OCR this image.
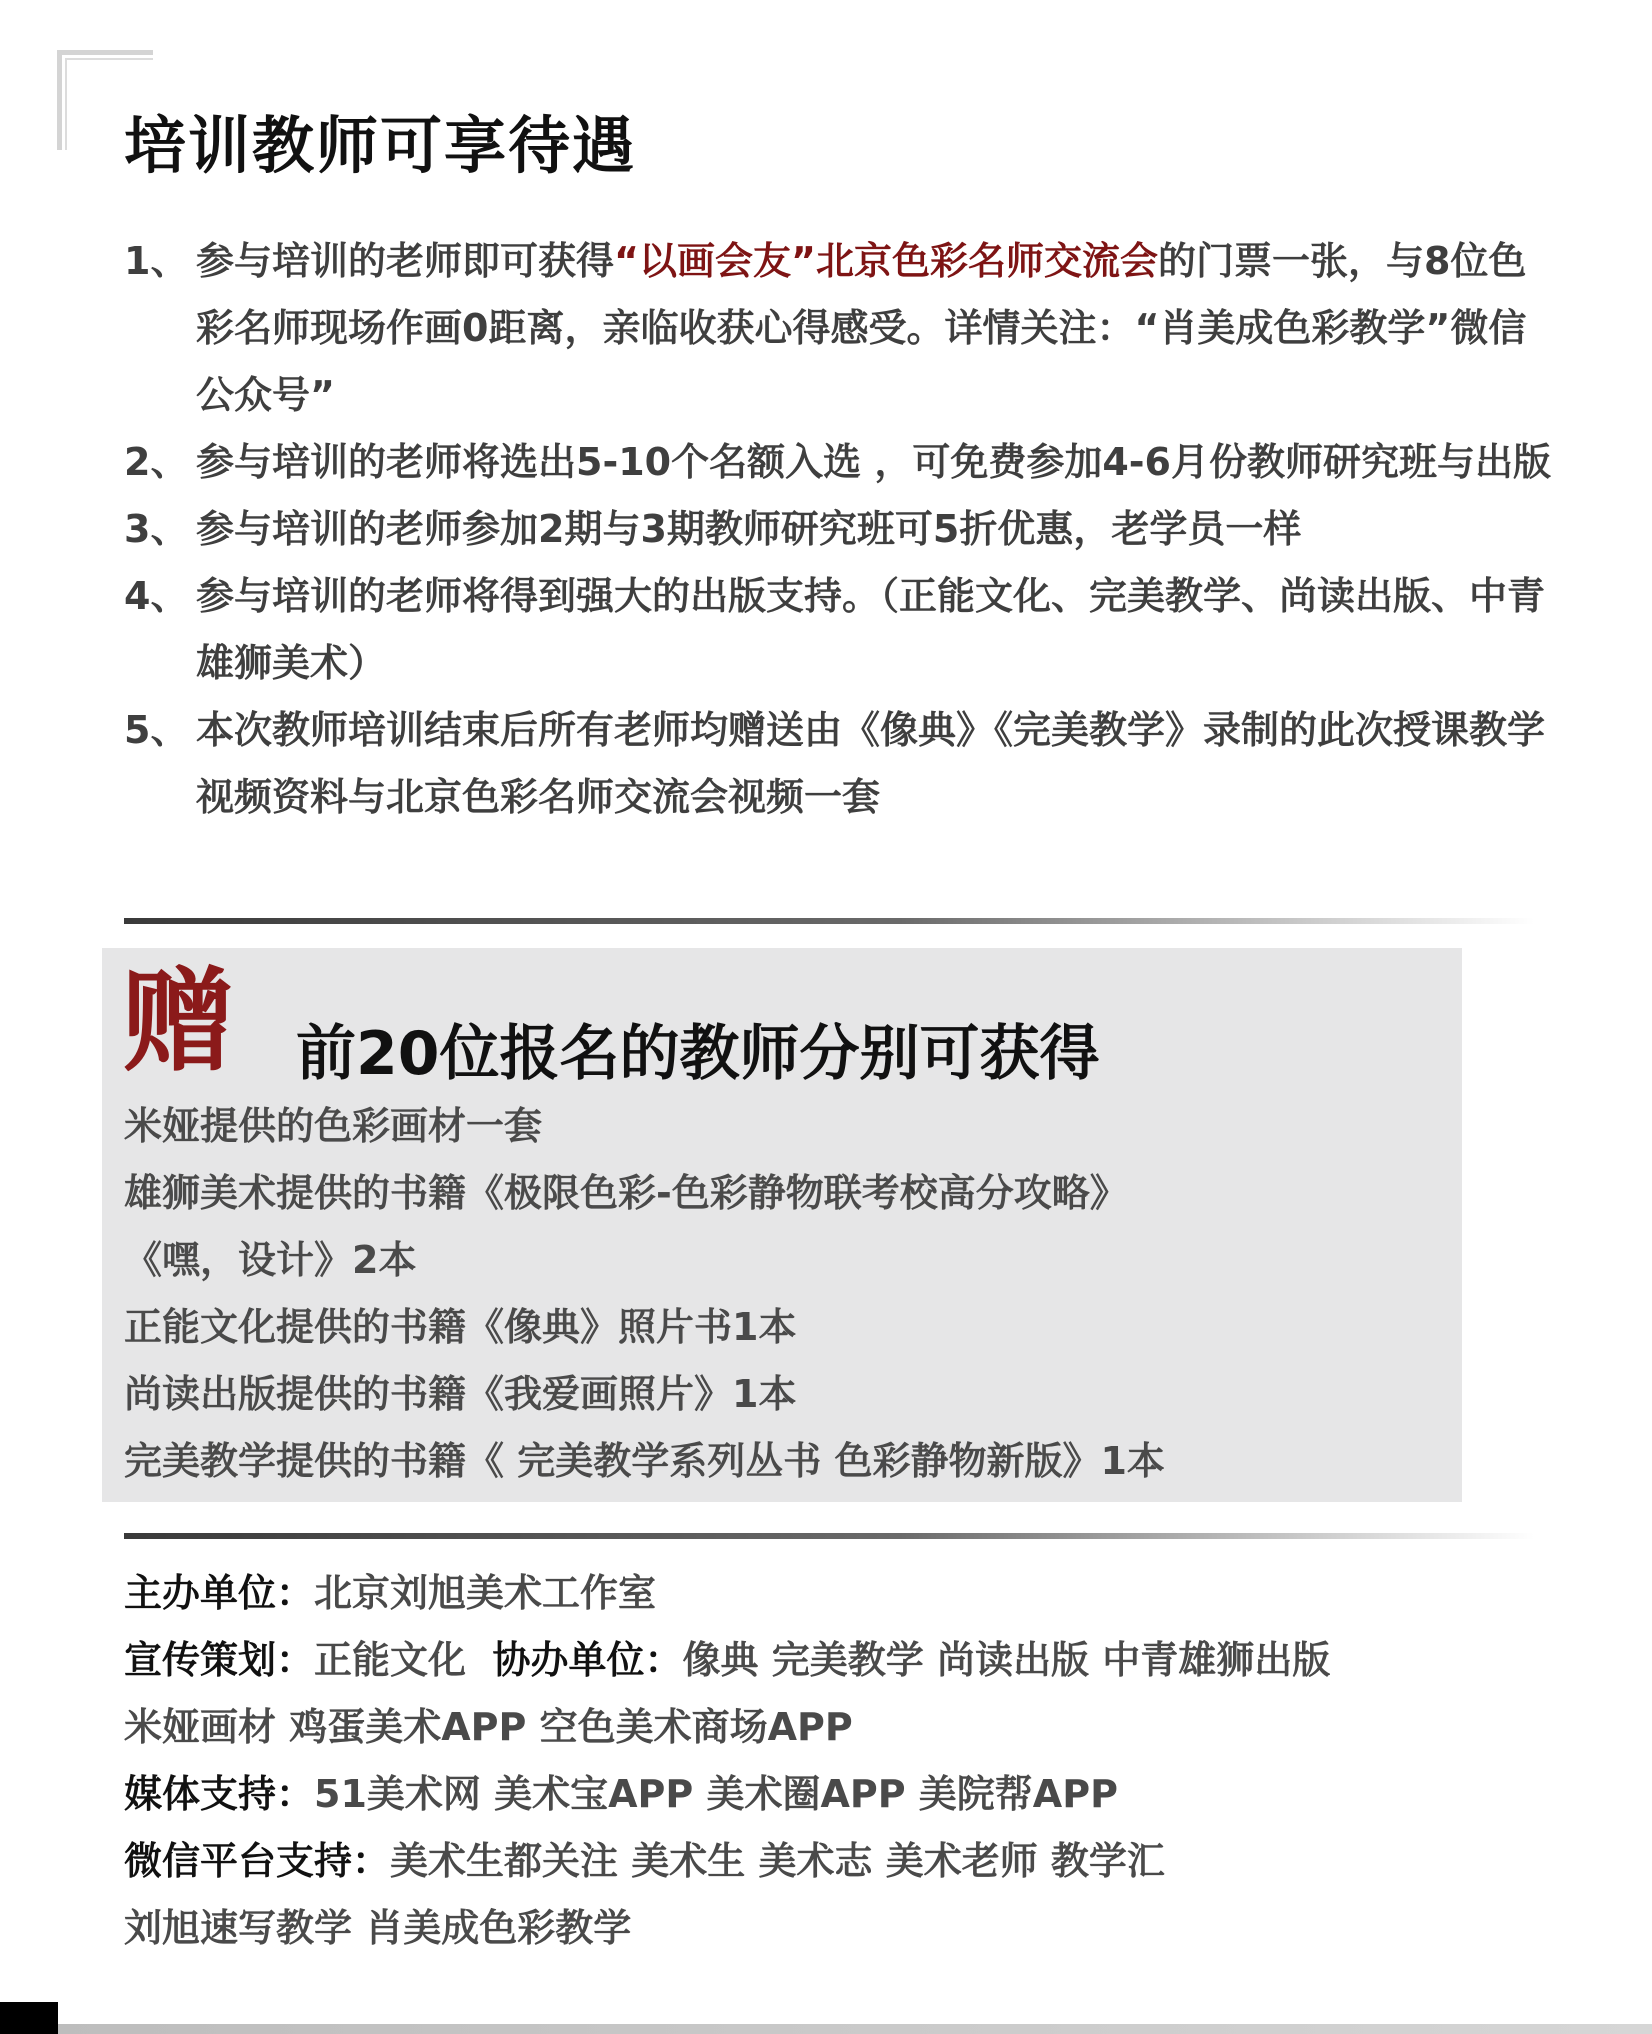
培训教师可享待遇
1、 参与培训的老师即可获得“以画会友”北京色彩名师交流会的门票一张，与8位色彩名师现场作画0距离，亲临收获心得感受。详情关注：“肖美成色彩教学”微信公众号”
2、 参与培训的老师将选出5-10个名额入选 ，可免费参加4-6月份教师研究班与出版
3、 参与培训的老师参加2期与3期教师研究班可5折优惠，老学员一样
4、 参与培训的老师将得到强大的出版支持。（正能文化、完美教学、尚读出版、中青雄狮美术）
5、 本次教师培训结束后所有老师均赠送由《像典》《完美教学》录制的此次授课教学视频资料与北京色彩名师交流会视频一套
赠 前20位报名的教师分别可获得
米娅提供的色彩画材一套
雄狮美术提供的书籍《极限色彩-色彩静物联考校高分攻略》
《嘿，设计》2本
正能文化提供的书籍《像典》照片书1本
尚读出版提供的书籍《我爱画照片》1本
完美教学提供的书籍《 完美教学系列丛书 色彩静物新版》1本
主办单位：北京刘旭美术工作室
宣传策划：正能文化 协办单位：像典 完美教学 尚读出版 中青雄狮出版
米娅画材 鸡蛋美术APP 空色美术商场APP
媒体支持：51美术网 美术宝APP 美术圈APP 美院帮APP
微信平台支持：美术生都关注 美术生 美术志 美术老师 教学汇
刘旭速写教学 肖美成色彩教学
